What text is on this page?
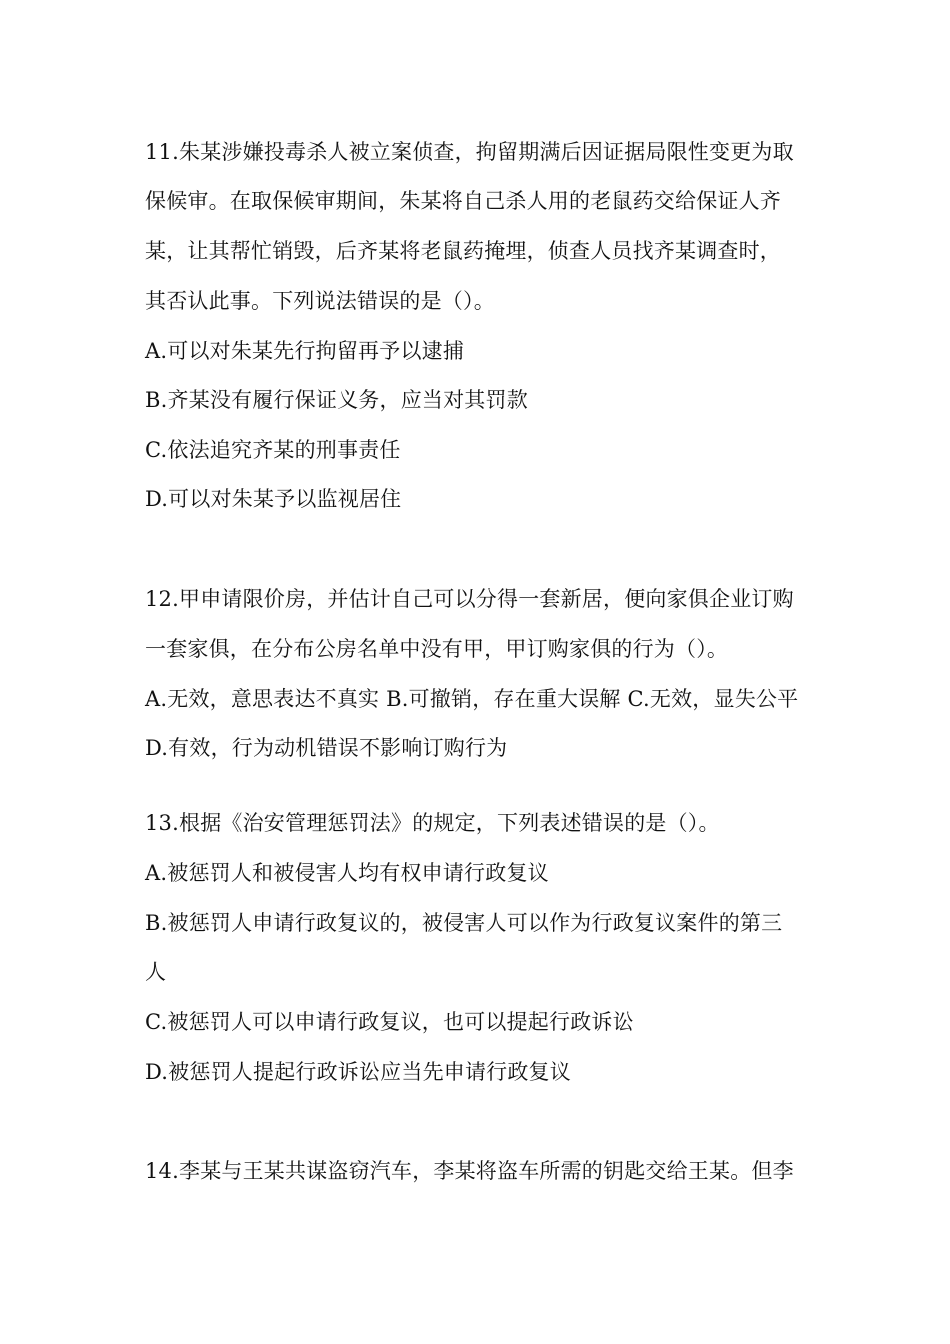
11.朱某涉嫌投毒杀人被立案侦查，拘留期满后因证据局限性变更为取
保候审。在取保候审期间，朱某将自己杀人用的老鼠药交给保证人齐
某，让其帮忙销毁，后齐某将老鼠药掩埋，侦查人员找齐某调查时，
其否认此事。下列说法错误的是（）。
A.可以对朱某先行拘留再予以逮捕
B.齐某没有履行保证义务，应当对其罚款
C.依法追究齐某的刑事责任
D.可以对朱某予以监视居住
12.甲申请限价房，并估计自己可以分得一套新居，便向家俱企业订购
一套家俱，在分布公房名单中没有甲，甲订购家俱的行为（）。
A.无效，意思表达不真实 B.可撤销，存在重大误解 C.无效，显失公平
D.有效，行为动机错误不影响订购行为
13.根据《治安管理惩罚法》的规定，下列表述错误的是（）。
A.被惩罚人和被侵害人均有权申请行政复议
B.被惩罚人申请行政复议的，被侵害人可以作为行政复议案件的第三
人
C.被惩罚人可以申请行政复议，也可以提起行政诉讼
D.被惩罚人提起行政诉讼应当先申请行政复议
14.李某与王某共谋盗窃汽车，李某将盗车所需的钥匙交给王某。但李
